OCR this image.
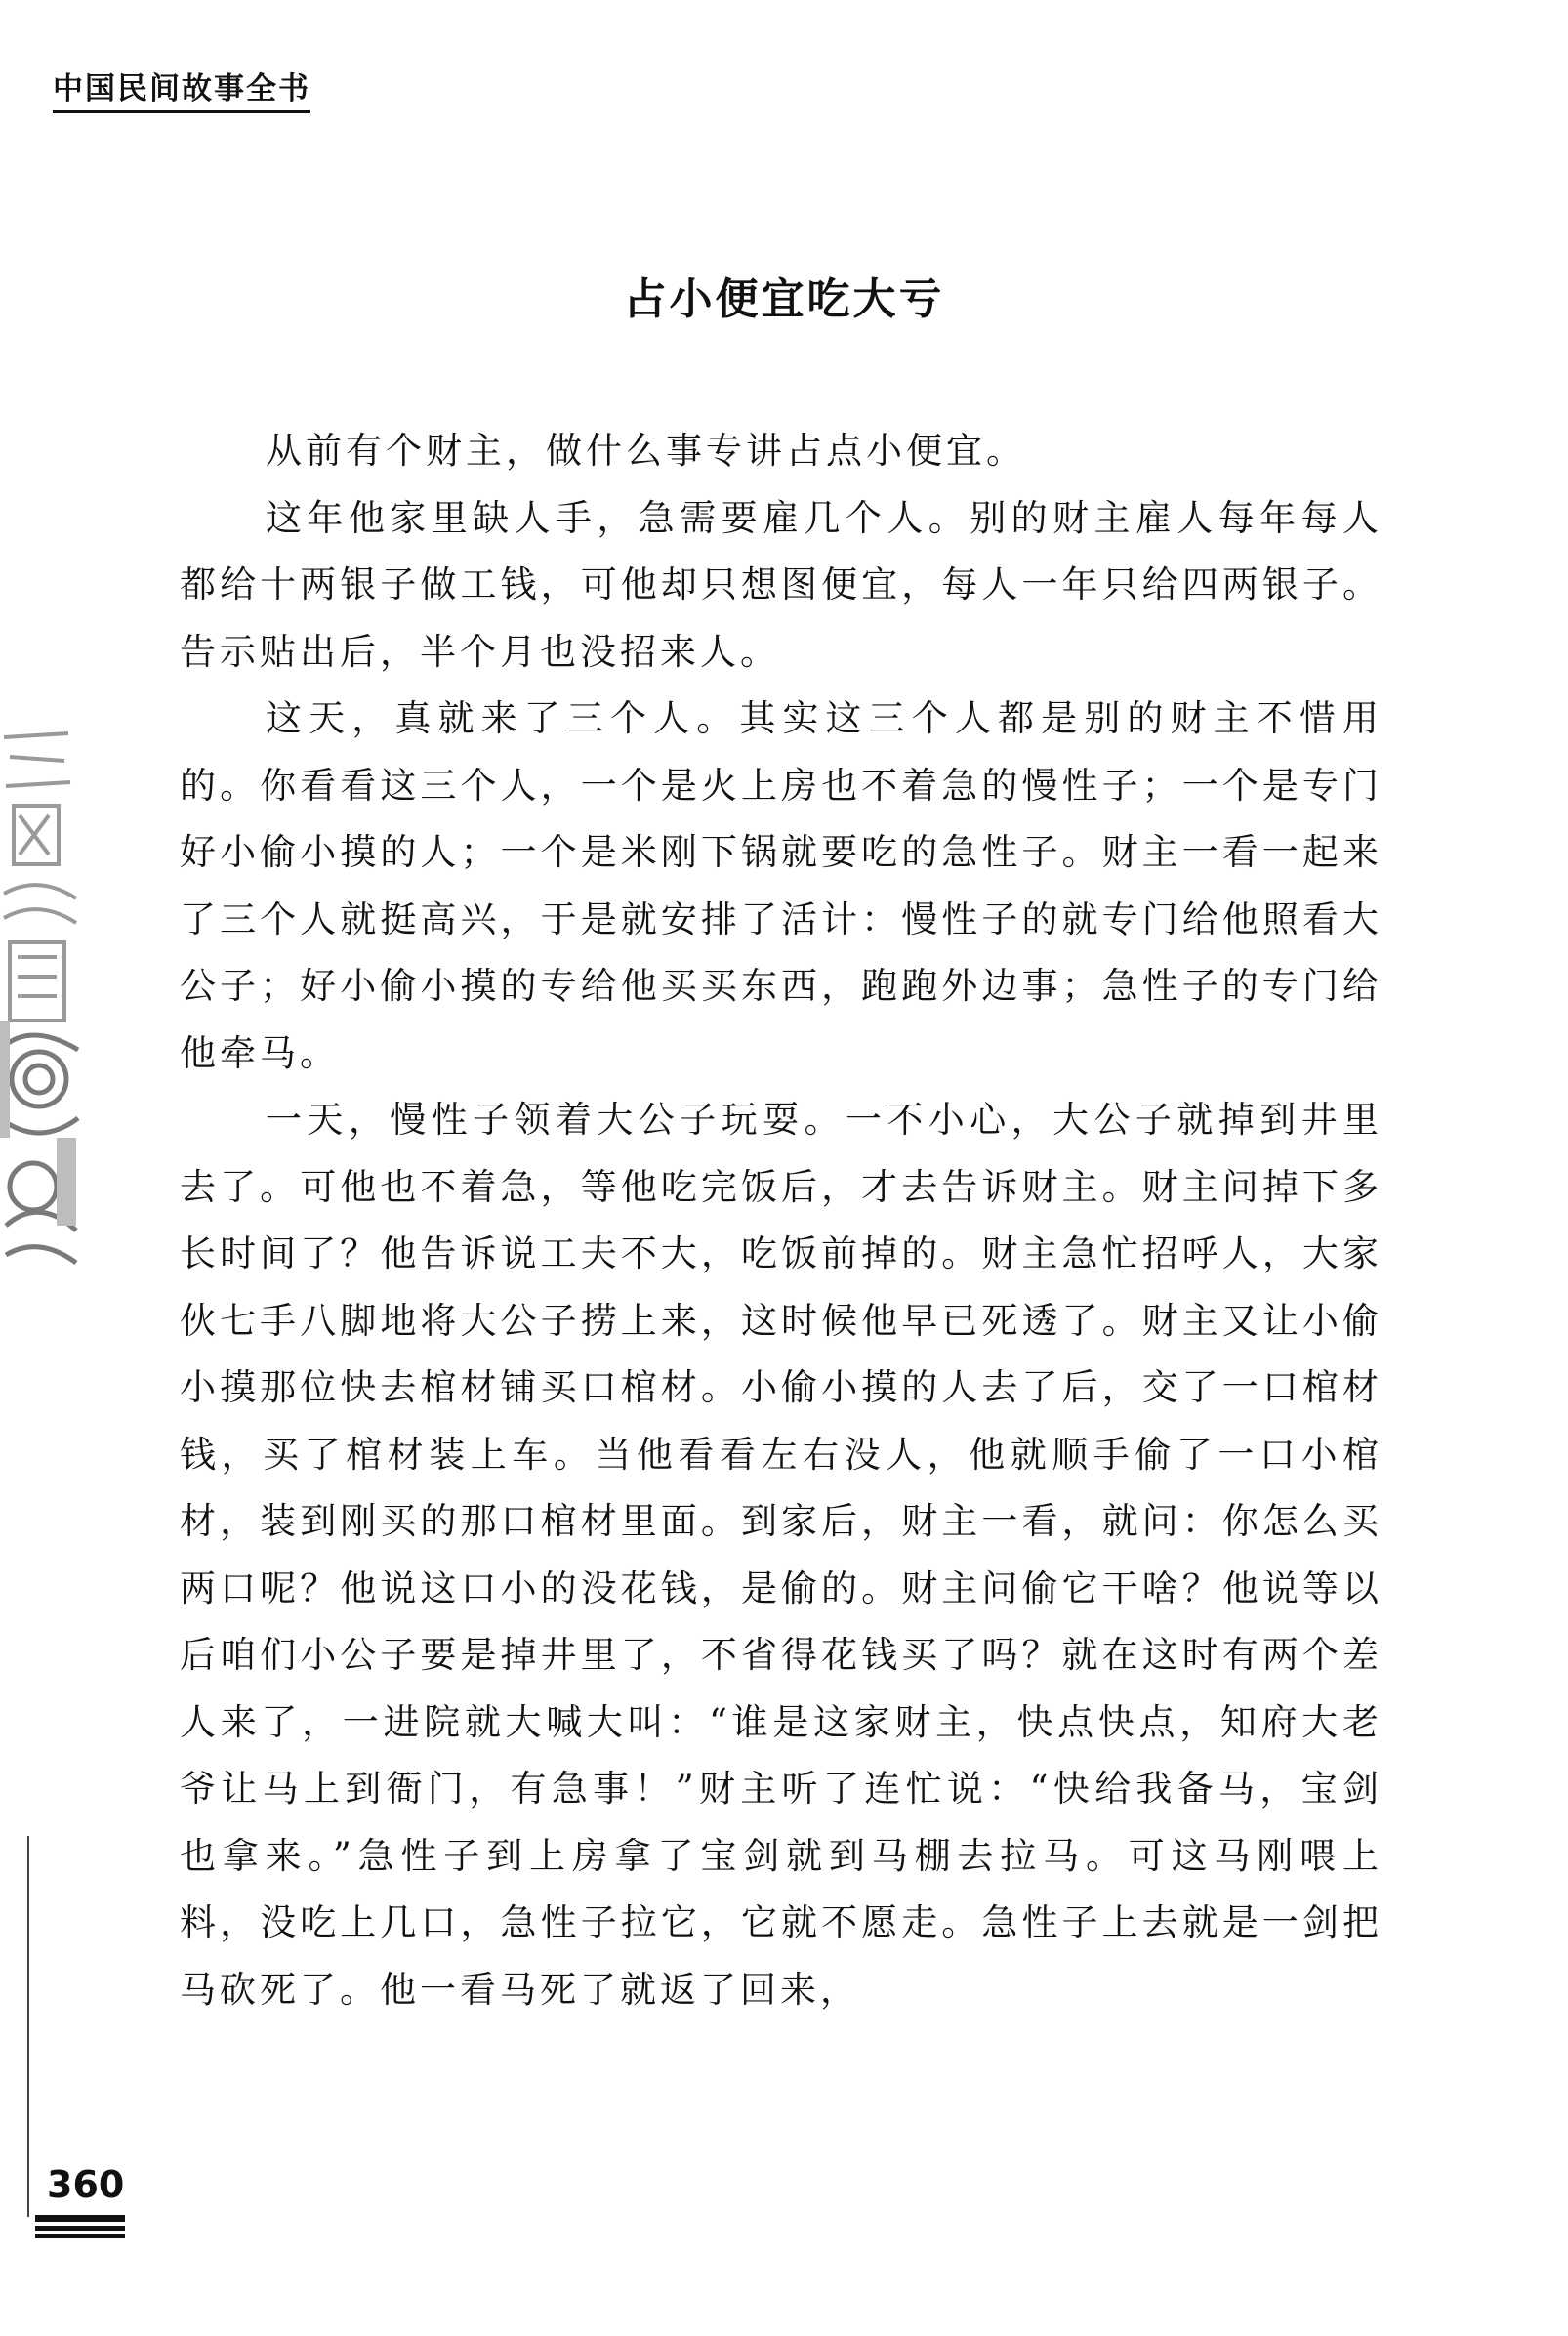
中国民间故事全书
占小便宜吃大亏

从前有个财主，做什么事专讲占点小便宜。

这年他家里缺人手，急需要雇几个人。别的财主雇人每年每人都给十两银子做工钱，可他却只想图便宜，每人一年只给四两银子。告示贴出后，半个月也没招来人。

这天，真就来了三个人。其实这三个人都是别的财主不惜用的。你看看这三个人，一个是火上房也不着急的慢性子；一个是专门好小偷小摸的人；一个是米刚下锅就要吃的急性子。财主一看一起来了三个人就挺高兴，于是就安排了活计：慢性子的就专门给他照看大公子；好小偷小摸的专给他买买东西，跑跑外边事；急性子的专门给他牵马。

一天，慢性子领着大公子玩耍。一不小心，大公子就掉到井里去了。可他也不着急，等他吃完饭后，才去告诉财主。财主问掉下多长时间了？他告诉说工夫不大，吃饭前掉的。财主急忙招呼人，大家伙七手八脚地将大公子捞上来，这时候他早已死透了。财主又让小偷小摸那位快去棺材铺买口棺材。小偷小摸的人去了后，交了一口棺材钱，买了棺材装上车。当他看看左右没人，他就顺手偷了一口小棺材，装到刚买的那口棺材里面。到家后，财主一看，就问：你怎么买两口呢？他说这口小的没花钱，是偷的。财主问偷它干啥？他说等以后咱们小公子要是掉井里了，不省得花钱买了吗？就在这时有两个差人来了，一进院就大喊大叫：“谁是这家财主，快点快点，知府大老爷让马上到衙门，有急事！”财主听了连忙说：“快给我备马，宝剑也拿来。”急性子到上房拿了宝剑就到马棚去拉马。可这马刚喂上料，没吃上几口，急性子拉它，它就不愿走。急性子上去就是一剑把马砍死了。他一看马死了就返了回来，

360
